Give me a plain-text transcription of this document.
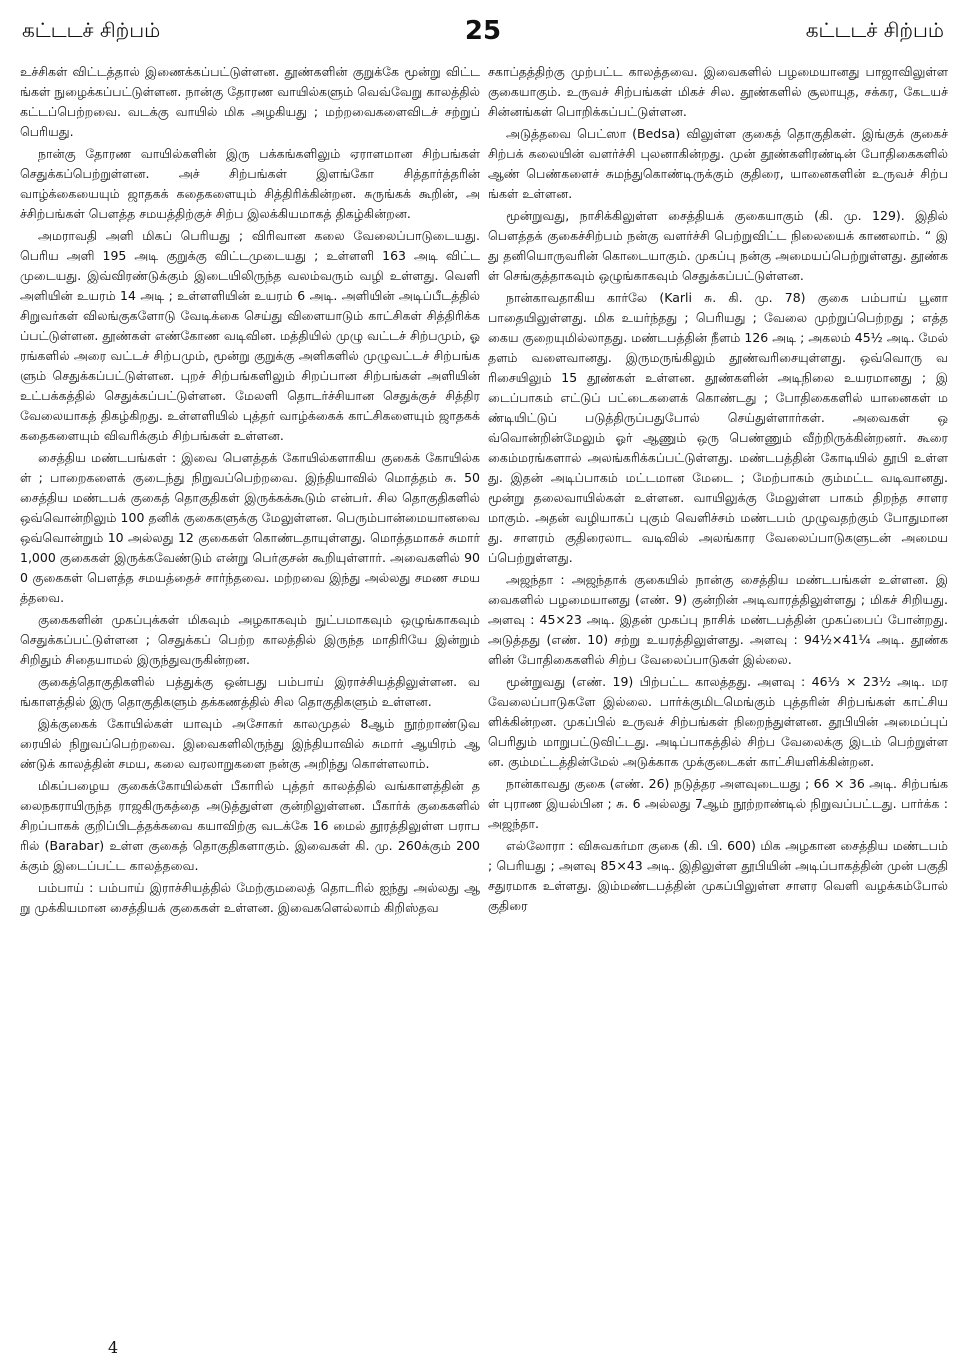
கட்டடச் சிற்பம்	25	கட்டடச் சிற்பம்

உச்சிகள் விட்டத்தால் இணைக்கப்பட்டுள்ளன. தூண்களின் குறுக்கே மூன்று விட்டங்கள் நுழைக்கப்பட்டுள்ளன. நான்கு தோரண வாயில்களும் வெவ்வேறு காலத்தில் கட்டப்பெற்றவை. வடக்கு வாயில் மிக அழகியது ; மற்றவைகளைவிடச் சற்றுப் பெரியது.

நான்கு தோரண வாயில்களின் இரு பக்கங்களிலும் ஏராளமான சிற்பங்கள் செதுக்கப்பெற்றுள்ளன. அச் சிற்பங்கள் இளங்கோ சித்தார்த்தரின் வாழ்க்கையையும் ஜாதகக் கதைகளையும் சித்திரிக்கின்றன. சுருங்கக் கூறின், அச்சிற்பங்கள் பௌத்த சமயத்திற்குச் சிற்ப இலக்கியமாகத் திகழ்கின்றன.

அமராவதி அளி மிகப் பெரியது ; விரிவான கலை வேலைப்பாடுடையது. பெரிய அளி 195 அடி குறுக்கு விட்டமுடையது ; உள்ளளி 163 அடி விட்டமுடையது. இவ்விரண்டுக்கும் இடையிலிருந்த வலம்வரும் வழி உள்ளது. வெளி அளியின் உயரம் 14 அடி ; உள்ளளியின் உயரம் 6 அடி. அளியின் அடிப்பீடத்தில் சிறுவர்கள் விலங்குகளோடு வேடிக்கை செய்து விளையாடும் காட்சிகள் சித்திரிக்கப்பட்டுள்ளன. தூண்கள் எண்கோண வடிவின. மத்தியில் முழு வட்டச் சிற்பமும், ஓரங்களில் அரை வட்டச் சிற்பமும், மூன்று குறுக்கு அளிகளில் முழுவட்டச் சிற்பங்களும் செதுக்கப்பட்டுள்ளன. புறச் சிற்பங்களிலும் சிறப்பான சிற்பங்கள் அளியின் உட்பக்கத்தில் செதுக்கப்பட்டுள்ளன. மேலளி தொடர்ச்சியான செதுக்குச் சித்திரவேலையாகத் திகழ்கிறது. உள்ளளியில் புத்தர் வாழ்க்கைக் காட்சிகளையும் ஜாதகக் கதைகளையும் விவரிக்கும் சிற்பங்கள் உள்ளன.

சைத்திய மண்டபங்கள் : இவை பௌத்தக் கோயில்களாகிய குகைக் கோயில்கள் ; பாறைகளைக் குடைந்து நிறுவப்பெற்றவை. இந்தியாவில் மொத்தம் சு. 50 சைத்திய மண்டபக் குகைத் தொகுதிகள் இருக்கக்கூடும் என்பர். சில தொகுதிகளில் ஒவ்வொன்றிலும் 100 தனிக் குகைகளுக்கு மேலுள்ளன. பெரும்பான்மையானவை ஒவ்வொன்றும் 10 அல்லது 12 குகைகள் கொண்டதாயுள்ளது. மொத்தமாகச் சுமார் 1,000 குகைகள் இருக்கவேண்டும் என்று பெர்குசன் கூறியுள்ளார். அவைகளில் 900 குகைகள் பௌத்த சமயத்தைச் சார்ந்தவை. மற்றவை இந்து அல்லது சமண சமயத்தவை.

குகைகளின் முகப்புக்கள் மிகவும் அழகாகவும் நுட்பமாகவும் ஒழுங்காகவும் செதுக்கப்பட்டுள்ளன ; செதுக்கப் பெற்ற காலத்தில் இருந்த மாதிரியே இன்றும் சிறிதும் சிதையாமல் இருந்துவருகின்றன.

குகைத்தொகுதிகளில் பத்துக்கு ஒன்பது பம்பாய் இராச்சியத்திலுள்ளன. வங்காளத்தில் இரு தொகுதிகளும் தக்கணத்தில் சில தொகுதிகளும் உள்ளன.

இக்குகைக் கோயில்கள் யாவும் அசோகர் காலமுதல் 8ஆம் நூற்றாண்டுவரையில் நிறுவப்பெற்றவை. இவைகளிலிருந்து இந்தியாவில் சுமார் ஆயிரம் ஆண்டுக் காலத்தின் சமய, கலை வரலாறுகளை நன்கு அறிந்து கொள்ளலாம்.

மிகப்பழைய குகைக்கோயில்கள் பீகாரில் புத்தர் காலத்தில் வங்காளத்தின் தலைநகராயிருந்த ராஜகிருகத்தை அடுத்துள்ள குன்றிலுள்ளன. பீகார்க் குகைகளில் சிறப்பாகக் குறிப்பிடத்தக்கவை கயாவிற்கு வடக்கே 16 மைல் தூரத்திலுள்ள பராபரில் (Barabar) உள்ள குகைத் தொகுதிகளாகும். இவைகள் கி. மு. 260க்கும் 200க்கும் இடைப்பட்ட காலத்தவை.

பம்பாய் : பம்பாய் இராச்சியத்தில் மேற்குமலைத் தொடரில் ஐந்து அல்லது ஆறு முக்கியமான சைத்தியக் குகைகள் உள்ளன. இவைகளெல்லாம் கிறிஸ்தவ

சகாப்தத்திற்கு முற்பட்ட காலத்தவை. இவைகளில் பழமையானது பாஜாவிலுள்ள குகையாகும். உருவச் சிற்பங்கள் மிகச் சில. தூண்களில் சூலாயுத, சக்கர, கேடயச் சின்னங்கள் பொறிக்கப்பட்டுள்ளன.

அடுத்தவை பெட்ஸா (Bedsa) விலுள்ள குகைத் தொகுதிகள். இங்குக் குகைச் சிற்பக் கலையின் வளர்ச்சி புலனாகின்றது. முன் தூண்களிரண்டின் போதிகைகளில் ஆண் பெண்களைச் சுமந்துகொண்டிருக்கும் குதிரை, யானைகளின் உருவச் சிற்பங்கள் உள்ளன.

மூன்றுவது, நாசிக்கிலுள்ள சைத்தியக் குகையாகும் (கி. மு. 129). இதில் பௌத்தக் குகைச்சிற்பம் நன்கு வளர்ச்சி பெற்றுவிட்ட நிலையைக் காணலாம். “ இது தனியொருவரின் கொடையாகும். முகப்பு நன்கு அமையப்பெற்றுள்ளது. தூண்கள் செங்குத்தாகவும் ஒழுங்காகவும் செதுக்கப்பட்டுள்ளன.

நான்காவதாகிய கார்லே (Karli சு. கி. மு. 78) குகை பம்பாய் பூனா பாதையிலுள்ளது. மிக உயர்ந்தது ; பெரியது ; வேலை முற்றுப்பெற்றது ; எத்தகைய குறையுமில்லாதது. மண்டபத்தின் நீளம் 126 அடி ; அகலம் 45½ அடி. மேல் தளம் வளைவானது. இருமருங்கிலும் தூண்வரிசையுள்ளது. ஒவ்வொரு வரிசையிலும் 15 தூண்கள் உள்ளன. தூண்களின் அடிநிலை உயரமானது ; இடைப்பாகம் எட்டுப் பட்டைகளைக் கொண்டது ; போதிகைகளில் யானைகள் மண்டியிட்டுப் படுத்திருப்பதுபோல் செய்துள்ளார்கள். அவைகள் ஒவ்வொன்றின்மேலும் ஓர் ஆணும் ஒரு பெண்ணும் வீற்றிருக்கின்றனர். கூரை கைம்மரங்களால் அலங்கரிக்கப்பட்டுள்ளது. மண்டபத்தின் கோடியில் தூபி உள்ளது. இதன் அடிப்பாகம் மட்டமான மேடை ; மேற்பாகம் கும்மட்ட வடிவானது. மூன்று தலைவாயில்கள் உள்ளன. வாயிலுக்கு மேலுள்ள பாகம் திறந்த சாளரமாகும். அதன் வழியாகப் புகும் வெளிச்சம் மண்டபம் முழுவதற்கும் போதுமானது. சாளரம் குதிரைலாட வடிவில் அலங்கார வேலைப்பாடுகளுடன் அமையப்பெற்றுள்ளது.

அஜந்தா : அஜந்தாக் குகையில் நான்கு சைத்திய மண்டபங்கள் உள்ளன. இவைகளில் பழமையானது (எண். 9) குன்றின் அடிவாரத்திலுள்ளது ; மிகச் சிறியது. அளவு : 45×23 அடி. இதன் முகப்பு நாசிக் மண்டபத்தின் முகப்பைப் போன்றது. அடுத்தது (எண். 10) சற்று உயரத்திலுள்ளது. அளவு : 94½×41¼ அடி. தூண்களின் போதிகைகளில் சிற்ப வேலைப்பாடுகள் இல்லை.

மூன்றுவது (எண். 19) பிற்பட்ட காலத்தது. அளவு : 46⅓ × 23⅟₂ அடி. மர வேலைப்பாடுகளே இல்லை. பார்க்குமிடமெங்கும் புத்தரின் சிற்பங்கள் காட்சியளிக்கின்றன. முகப்பில் உருவச் சிற்பங்கள் நிறைந்துள்ளன. தூபியின் அமைப்புப் பெரிதும் மாறுபட்டுவிட்டது. அடிப்பாகத்தில் சிற்ப வேலைக்கு இடம் பெற்றுள்ளன. கும்மட்டத்தின்மேல் அடுக்காக முக்குடைகள் காட்சியளிக்கின்றன.

நான்காவது குகை (எண். 26) நடுத்தர அளவுடையது ; 66 × 36 அடி. சிற்பங்கள் புராண இயல்பின ; சு. 6 அல்லது 7ஆம் நூற்றாண்டில் நிறுவப்பட்டது. பார்க்க : அஜந்தா.

எல்லோரா : விசுவகர்மா குகை (கி. பி. 600) மிக அழகான சைத்திய மண்டபம் ; பெரியது ; அளவு 85×43 அடி. இதிலுள்ள தூபியின் அடிப்பாகத்தின் முன் பகுதி சதுரமாக உள்ளது. இம்மண்டபத்தின் முகப்பிலுள்ள சாளர வெளி வழக்கம்போல் குதிரை

4
